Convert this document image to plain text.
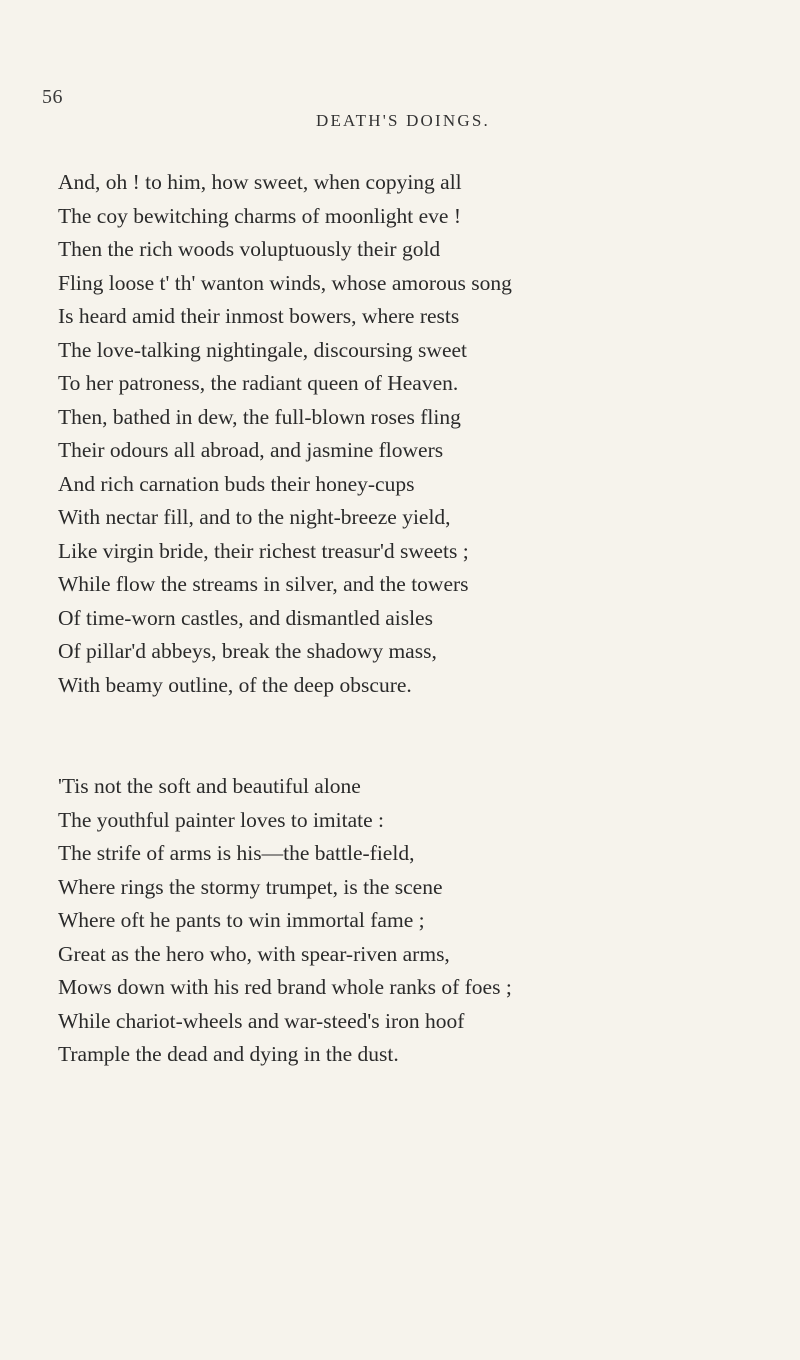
56
DEATH'S DOINGS.
And, oh ! to him, how sweet, when copying all
The coy bewitching charms of moonlight eve !
Then the rich woods voluptuously their gold
Fling loose t' th' wanton winds, whose amorous song
Is heard amid their inmost bowers, where rests
The love-talking nightingale, discoursing sweet
To her patroness, the radiant queen of Heaven.
Then, bathed in dew, the full-blown roses fling
Their odours all abroad, and jasmine flowers
And rich carnation buds their honey-cups
With nectar fill, and to the night-breeze yield,
Like virgin bride, their richest treasur'd sweets ;
While flow the streams in silver, and the towers
Of time-worn castles, and dismantled aisles
Of pillar'd abbeys, break the shadowy mass,
With beamy outline, of the deep obscure.
'Tis not the soft and beautiful alone
The youthful painter loves to imitate :
The strife of arms is his—the battle-field,
Where rings the stormy trumpet, is the scene
Where oft he pants to win immortal fame ;
Great as the hero who, with spear-riven arms,
Mows down with his red brand whole ranks of foes ;
While chariot-wheels and war-steed's iron hoof
Trample the dead and dying in the dust.
